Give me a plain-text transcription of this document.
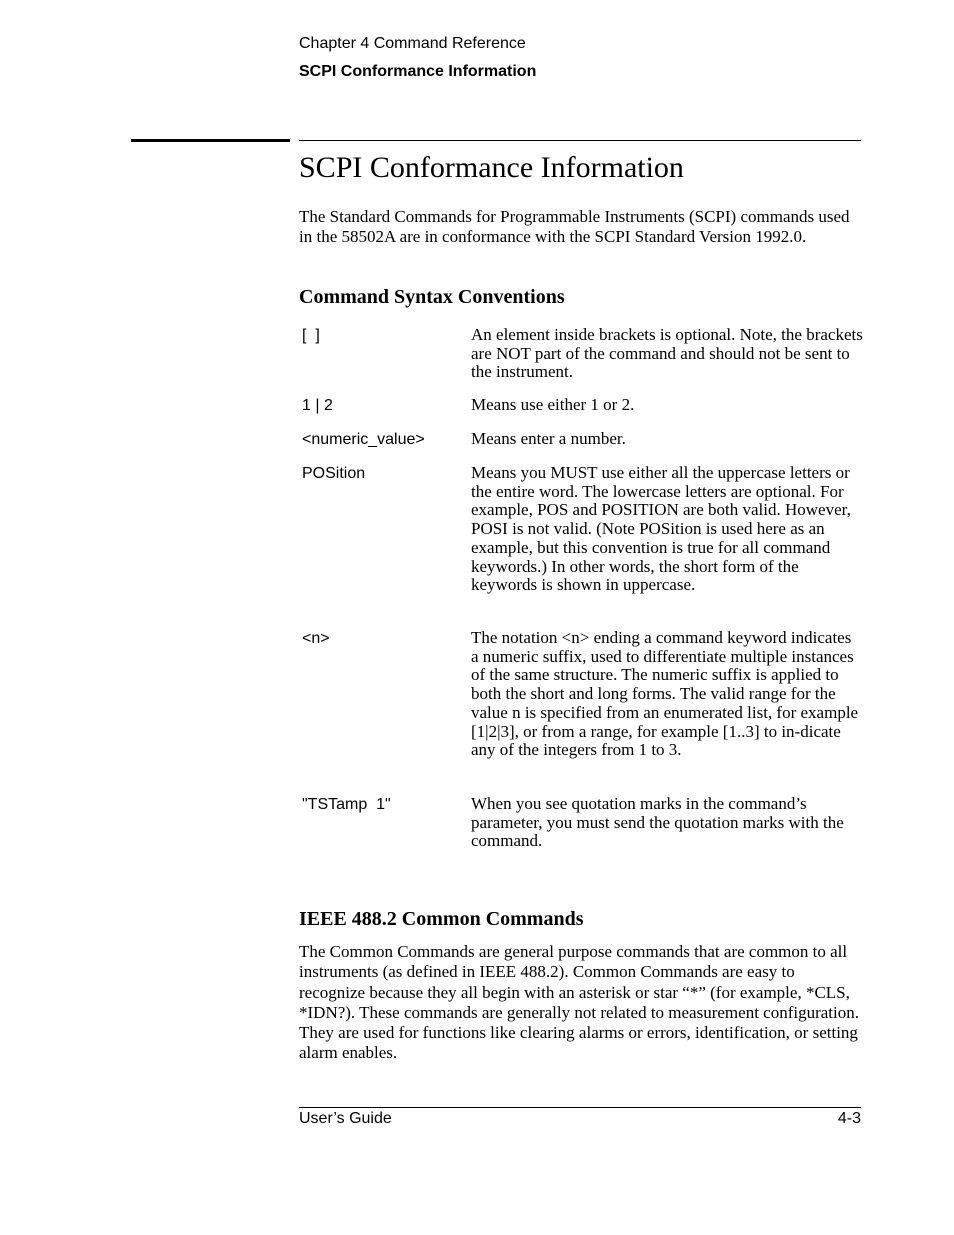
Chapter 4 Command Reference
SCPI Conformance Information
SCPI Conformance Information

The Standard Commands for Programmable Instruments (SCPI) commands used in the 58502A are in conformance with the SCPI Standard Version 1992.0.

Command Syntax Conventions
[  ]	An element inside brackets is optional. Note, the brackets are NOT part of the command and should not be sent to the instrument.

1 | 2	Means use either 1 or 2.

<numeric_value>	Means enter a number.

POSition	Means you MUST use either all the uppercase letters or the entire word. The lowercase letters are optional. For example, POS and POSITION are both valid. However, POSI is not valid. (Note POSition is used here as an example, but this convention is true for all command keywords.) In other words, the short form of the keywords is shown in uppercase.

<n>	The notation <n> ending a command keyword indicates a numeric suffix, used to differentiate multiple instances of the same structure. The numeric suffix is applied to both the short and long forms. The valid range for the value n is specified from an enumerated list, for example [1|2|3], or from a range, for example [1..3] to in-dicate any of the integers from 1 to 3.

"TSTamp  1"	When you see quotation marks in the command’s parameter, you must send the quotation marks with the command.

IEEE 488.2 Common Commands

The Common Commands are general purpose commands that are common to all instruments (as defined in IEEE 488.2). Common Commands are easy to recognize because they all begin with an asterisk or star “*” (for example, *CLS, *IDN?). These commands are generally not related to measurement configuration. They are used for functions like clearing alarms or errors, identification, or setting alarm enables.

User’s Guide	4-3
